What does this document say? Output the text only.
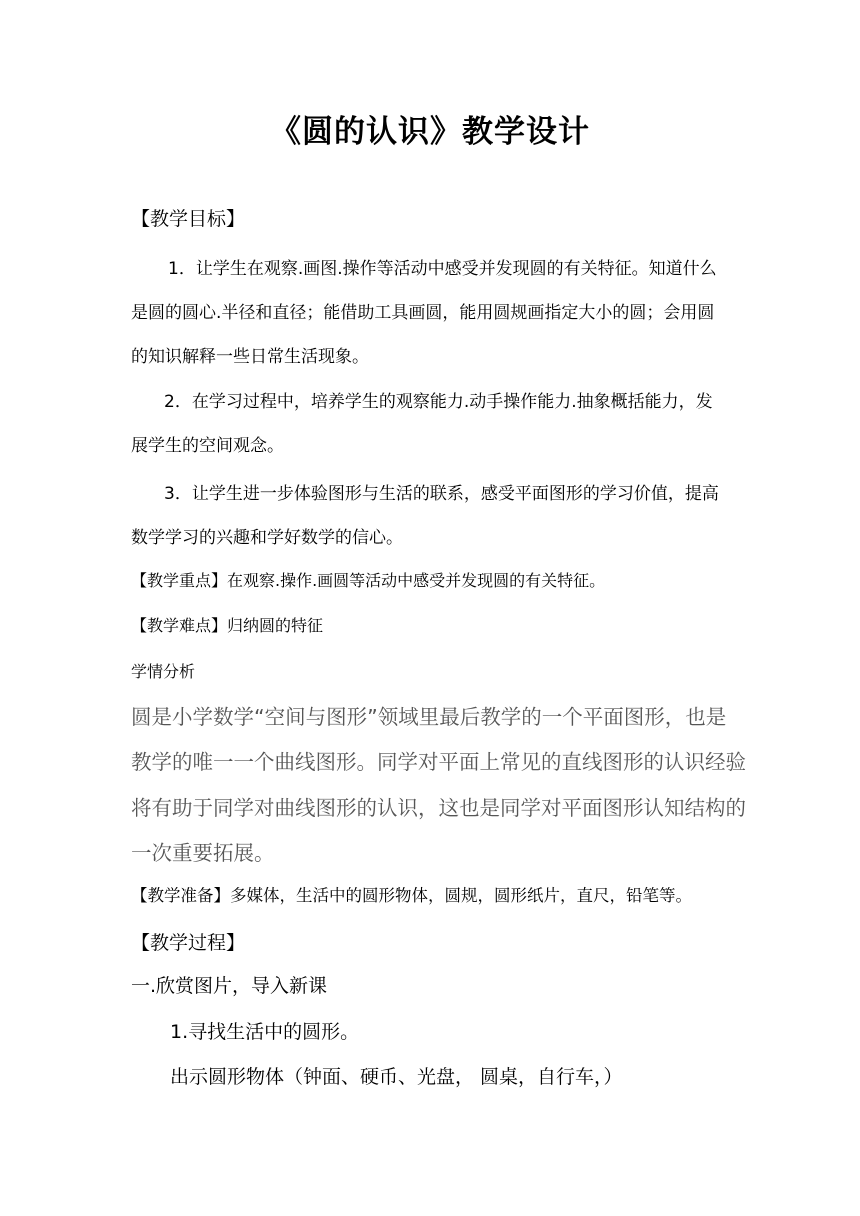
《圆的认识》教学设计

【教学目标】

1．让学生在观察.画图.操作等活动中感受并发现圆的有关特征。知道什么

是圆的圆心.半径和直径；能借助工具画圆，能用圆规画指定大小的圆；会用圆

的知识解释一些日常生活现象。

2．在学习过程中，培养学生的观察能力.动手操作能力.抽象概括能力，发

展学生的空间观念。

3．让学生进一步体验图形与生活的联系，感受平面图形的学习价值，提高

数学学习的兴趣和学好数学的信心。

【教学重点】在观察.操作.画圆等活动中感受并发现圆的有关特征。

【教学难点】归纳圆的特征

学情分析

圆是小学数学“空间与图形”领域里最后教学的一个平面图形，也是

教学的唯一一个曲线图形。同学对平面上常见的直线图形的认识经验

将有助于同学对曲线图形的认识，这也是同学对平面图形认知结构的

一次重要拓展。

【教学准备】多媒体，生活中的圆形物体，圆规，圆形纸片，直尺，铅笔等。

【教学过程】

一.欣赏图片，导入新课

1.寻找生活中的圆形。

出示圆形物体（钟面、硬币、光盘， 圆桌，自行车，）
